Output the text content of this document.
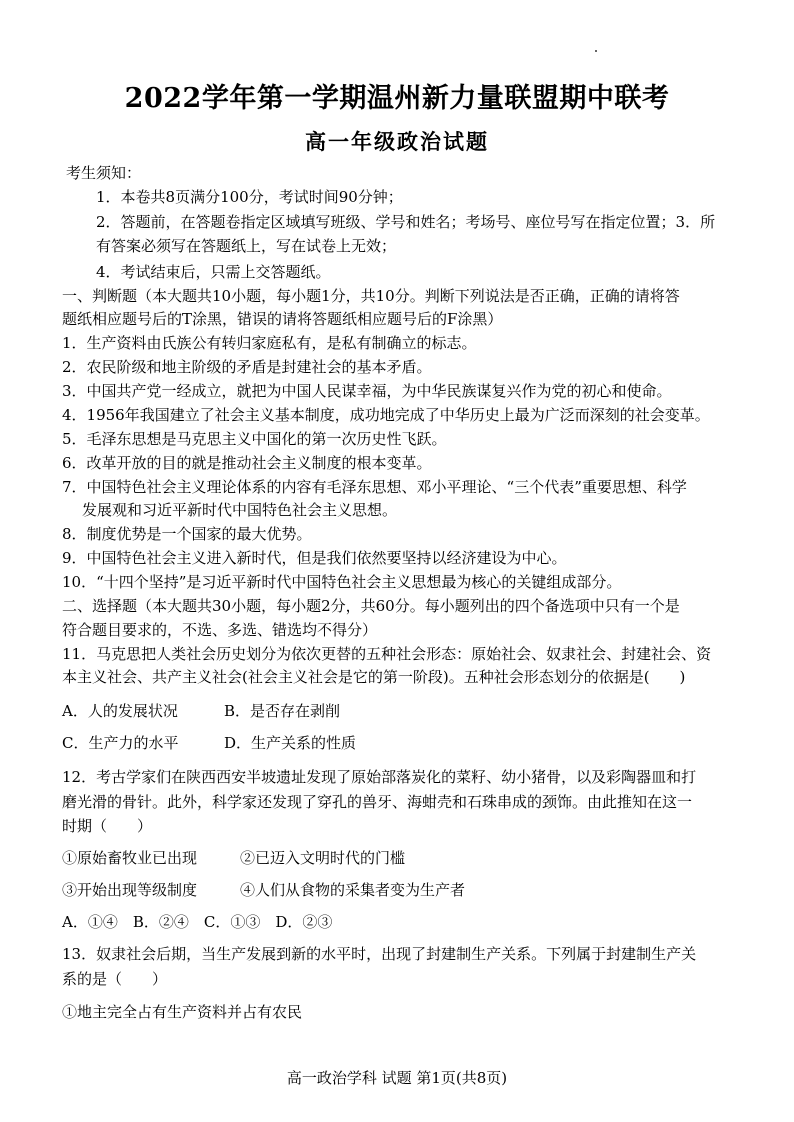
2022学年第一学期温州新力量联盟期中联考
高一年级政治试题
考生须知：
1．本卷共8页满分100分，考试时间90分钟；
2．答题前，在答题卷指定区域填写班级、学号和姓名；考场号、座位号写在指定位置；3．所
有答案必须写在答题纸上，写在试卷上无效；
4．考试结束后，只需上交答题纸。
一、判断题（本大题共10小题，每小题1分，共10分。判断下列说法是否正确，正确的请将答
题纸相应题号后的T涂黑，错误的请将答题纸相应题号后的F涂黑）
1．生产资料由氏族公有转归家庭私有，是私有制确立的标志。
2．农民阶级和地主阶级的矛盾是封建社会的基本矛盾。
3．中国共产党一经成立，就把为中国人民谋幸福，为中华民族谋复兴作为党的初心和使命。
4．1956年我国建立了社会主义基本制度，成功地完成了中华历史上最为广泛而深刻的社会变革。
5．毛泽东思想是马克思主义中国化的第一次历史性飞跃。
6．改革开放的目的就是推动社会主义制度的根本变革。
7．中国特色社会主义理论体系的内容有毛泽东思想、邓小平理论、“三个代表”重要思想、科学
发展观和习近平新时代中国特色社会主义思想。
8．制度优势是一个国家的最大优势。
9．中国特色社会主义进入新时代，但是我们依然要坚持以经济建设为中心。
10．“十四个坚持”是习近平新时代中国特色社会主义思想最为核心的关键组成部分。
二、选择题（本大题共30小题，每小题2分，共60分。每小题列出的四个备选项中只有一个是
符合题目要求的，不选、多选、错选均不得分）
11．马克思把人类社会历史划分为依次更替的五种社会形态：原始社会、奴隶社会、封建社会、资
本主义社会、共产主义社会(社会主义社会是它的第一阶段)。五种社会形态划分的依据是(　　)
A．人的发展状况	B．是否存在剥削
C．生产力的水平	D．生产关系的性质
12．考古学家们在陕西西安半坡遗址发现了原始部落炭化的菜籽、幼小猪骨，以及彩陶器皿和打
磨光滑的骨针。此外，科学家还发现了穿孔的兽牙、海蚶壳和石珠串成的颈饰。由此推知在这一
时期（　　）
①原始畜牧业已出现	②已迈入文明时代的门槛
③开始出现等级制度	④人们从食物的采集者变为生产者
A．①④　B．②④　C．①③　D．②③
13．奴隶社会后期，当生产发展到新的水平时，出现了封建制生产关系。下列属于封建制生产关
系的是（　　）
①地主完全占有生产资料并占有农民
高一政治学科 试题 第1页(共8页)
